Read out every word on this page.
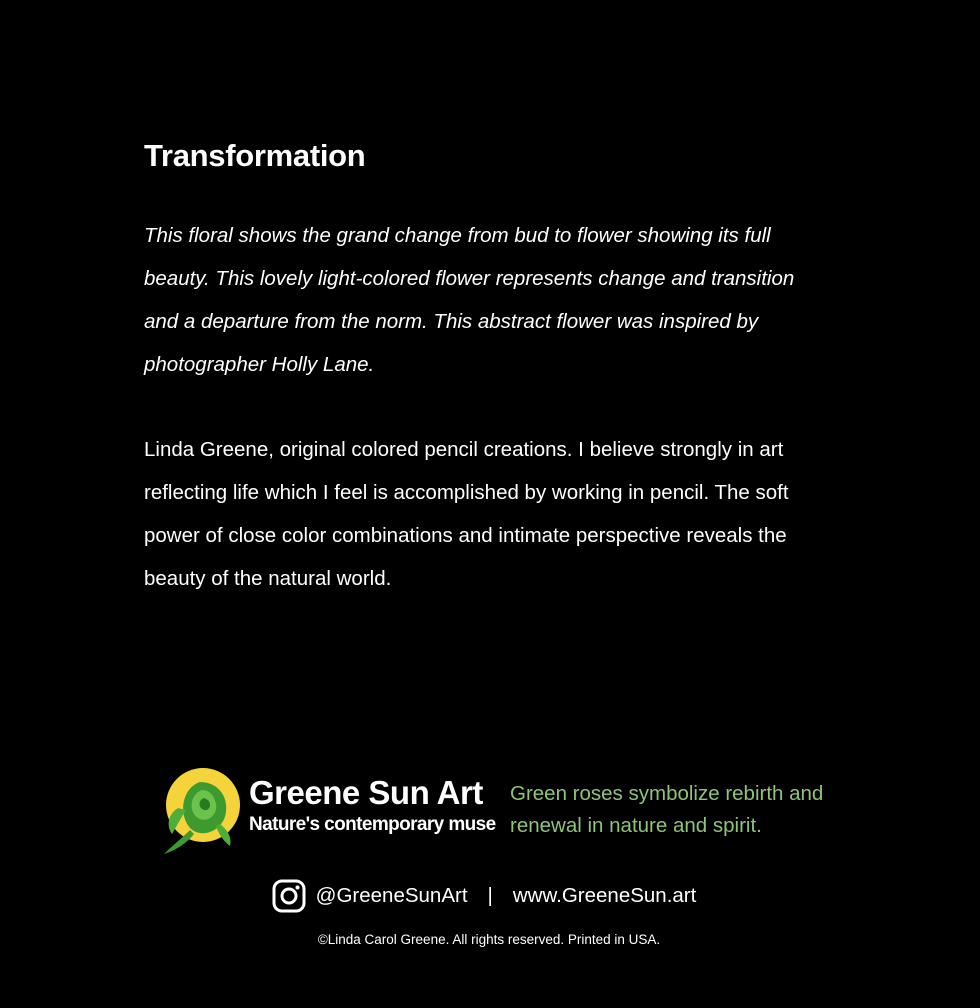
Transformation

This floral shows the grand change from bud to flower showing its full beauty. This lovely light-colored flower represents change and transition and a departure from the norm. This abstract flower was inspired by photographer Holly Lane.

Linda Greene, original colored pencil creations. I believe strongly in art reflecting life which I feel is accomplished by working in pencil. The soft power of close color combinations and intimate perspective reveals the beauty of the natural world.

Greene Sun Art
Nature's contemporary muse

Green roses symbolize rebirth and renewal in nature and spirit.

@GreeneSunArt | www.GreeneSun.art
©Linda Carol Greene. All rights reserved. Printed in USA.
